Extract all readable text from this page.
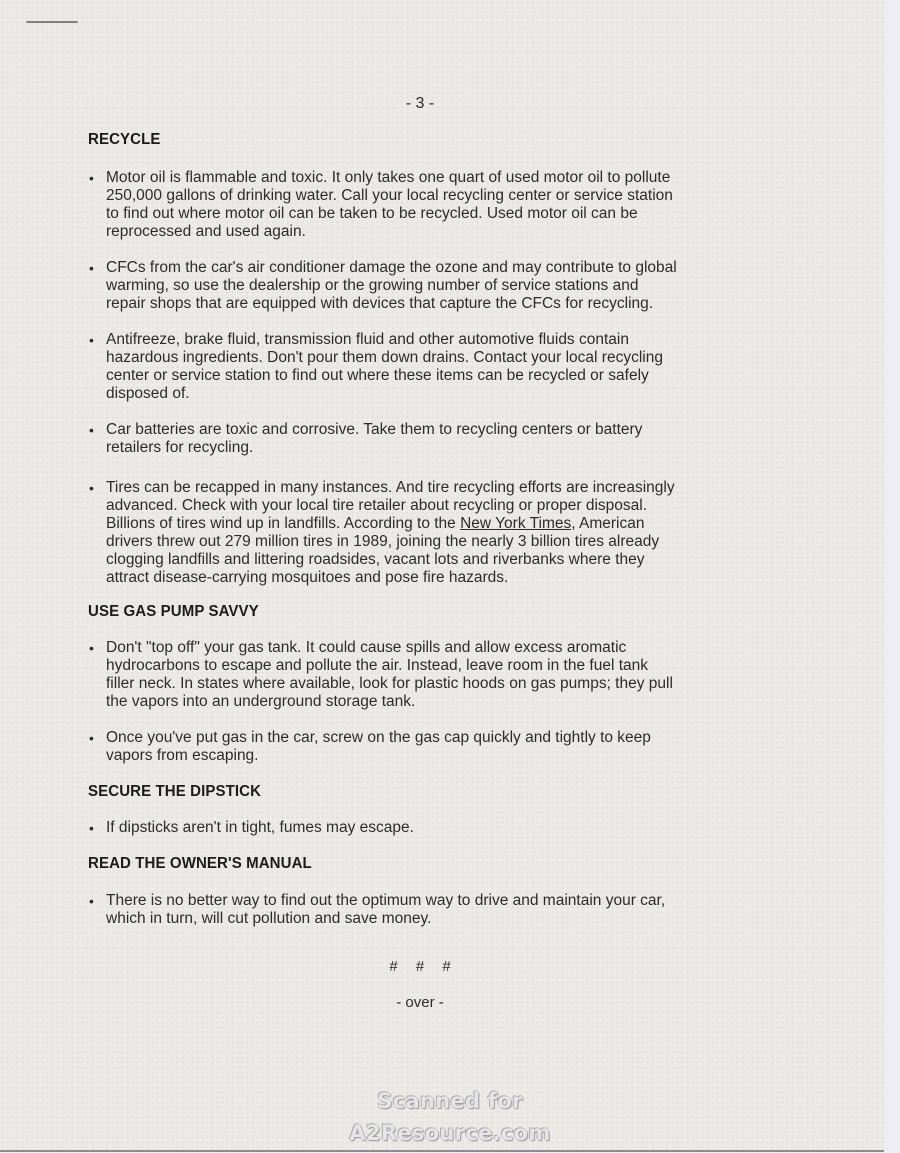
- 3 -
RECYCLE

• Motor oil is flammable and toxic. It only takes one quart of used motor oil to pollute
250,000 gallons of drinking water. Call your local recycling center or service station
to find out where motor oil can be taken to be recycled. Used motor oil can be
reprocessed and used again.

• CFCs from the car's air conditioner damage the ozone and may contribute to global
warming, so use the dealership or the growing number of service stations and
repair shops that are equipped with devices that capture the CFCs for recycling.

• Antifreeze, brake fluid, transmission fluid and other automotive fluids contain
hazardous ingredients. Don't pour them down drains. Contact your local recycling
center or service station to find out where these items can be recycled or safely
disposed of.

• Car batteries are toxic and corrosive. Take them to recycling centers or battery
retailers for recycling.

• Tires can be recapped in many instances. And tire recycling efforts are increasingly
advanced. Check with your local tire retailer about recycling or proper disposal.
Billions of tires wind up in landfills. According to the New York Times, American
drivers threw out 279 million tires in 1989, joining the nearly 3 billion tires already
clogging landfills and littering roadsides, vacant lots and riverbanks where they
attract disease-carrying mosquitoes and pose fire hazards.

USE GAS PUMP SAVVY

• Don't "top off" your gas tank. It could cause spills and allow excess aromatic
hydrocarbons to escape and pollute the air. Instead, leave room in the fuel tank
filler neck. In states where available, look for plastic hoods on gas pumps; they pull
the vapors into an underground storage tank.

• Once you've put gas in the car, screw on the gas cap quickly and tightly to keep
vapors from escaping.

SECURE THE DIPSTICK

• If dipsticks aren't in tight, fumes may escape.

READ THE OWNER'S MANUAL

• There is no better way to find out the optimum way to drive and maintain your car,
which in turn, will cut pollution and save money.

# # #
- over -
Scanned for
A2Resource.com
